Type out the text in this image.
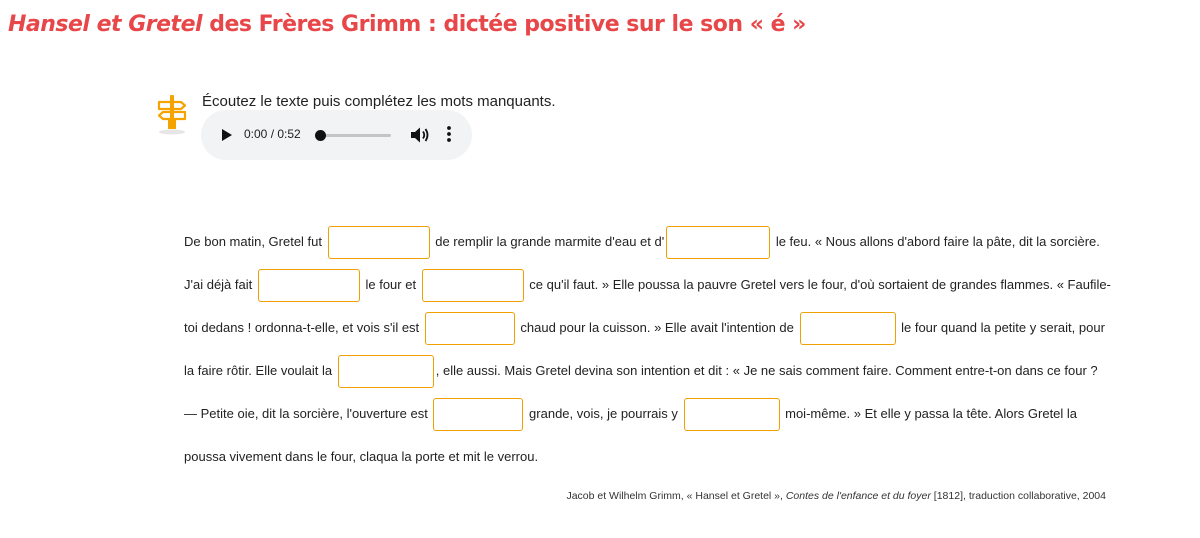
Hansel et Gretel des Frères Grimm : dictée positive sur le son « é »
Écoutez le texte puis complétez les mots manquants.
0:00 / 0:52
De bon matin, Gretel fut	de remplir la grande marmite d'eau et d'	le feu. « Nous allons d'abord faire la pâte, dit la sorcière. J'ai déjà fait	le four et	ce qu'il faut. » Elle poussa la pauvre Gretel vers le four, d'où sortaient de grandes flammes. « Faufile-toi dedans ! ordonna-t-elle, et vois s'il est	chaud pour la cuisson. » Elle avait l'intention de	le four quand la petite y serait, pour la faire rôtir. Elle voulait la	, elle aussi. Mais Gretel devina son intention et dit : « Je ne sais comment faire. Comment entre-t-on dans ce four ? — Petite oie, dit la sorcière, l'ouverture est	grande, vois, je pourrais y	moi-même. » Et elle y passa la tête. Alors Gretel la poussa vivement dans le four, claqua la porte et mit le verrou.
Jacob et Wilhelm Grimm, « Hansel et Gretel », Contes de l'enfance et du foyer [1812], traduction collaborative, 2004
